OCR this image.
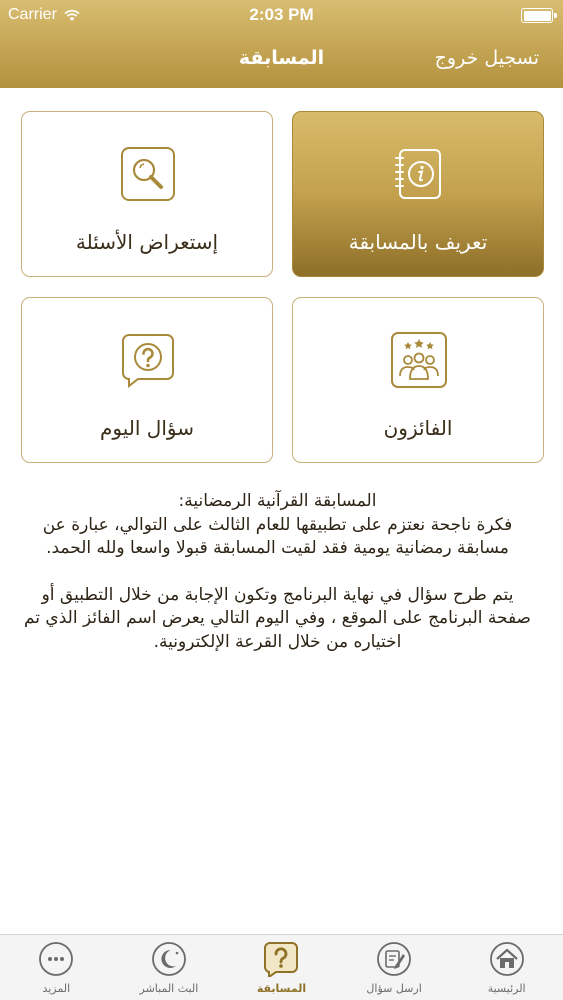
Carrier	2:03 PM
المسابقة	تسجيل خروج
تعريف بالمسابقة
إستعراض الأسئلة
الفائزون
سؤال اليوم
المسابقة القرآنية الرمضانية:

فكرة ناجحة نعتزم على تطبيقها للعام الثالث على التوالي، عبارة عن مسابقة رمضانية يومية فقد لقيت المسابقة قبولا واسعا ولله الحمد.

يتم طرح سؤال في نهاية البرنامج وتكون الإجابة من خلال التطبيق أو صفحة البرنامج على الموقع ، وفي اليوم التالي يعرض اسم الفائز الذي تم اختياره من خلال القرعة الإلكترونية.

المزيد	البث المباشر	المسابقة	ارسل سؤال	الرئيسية
